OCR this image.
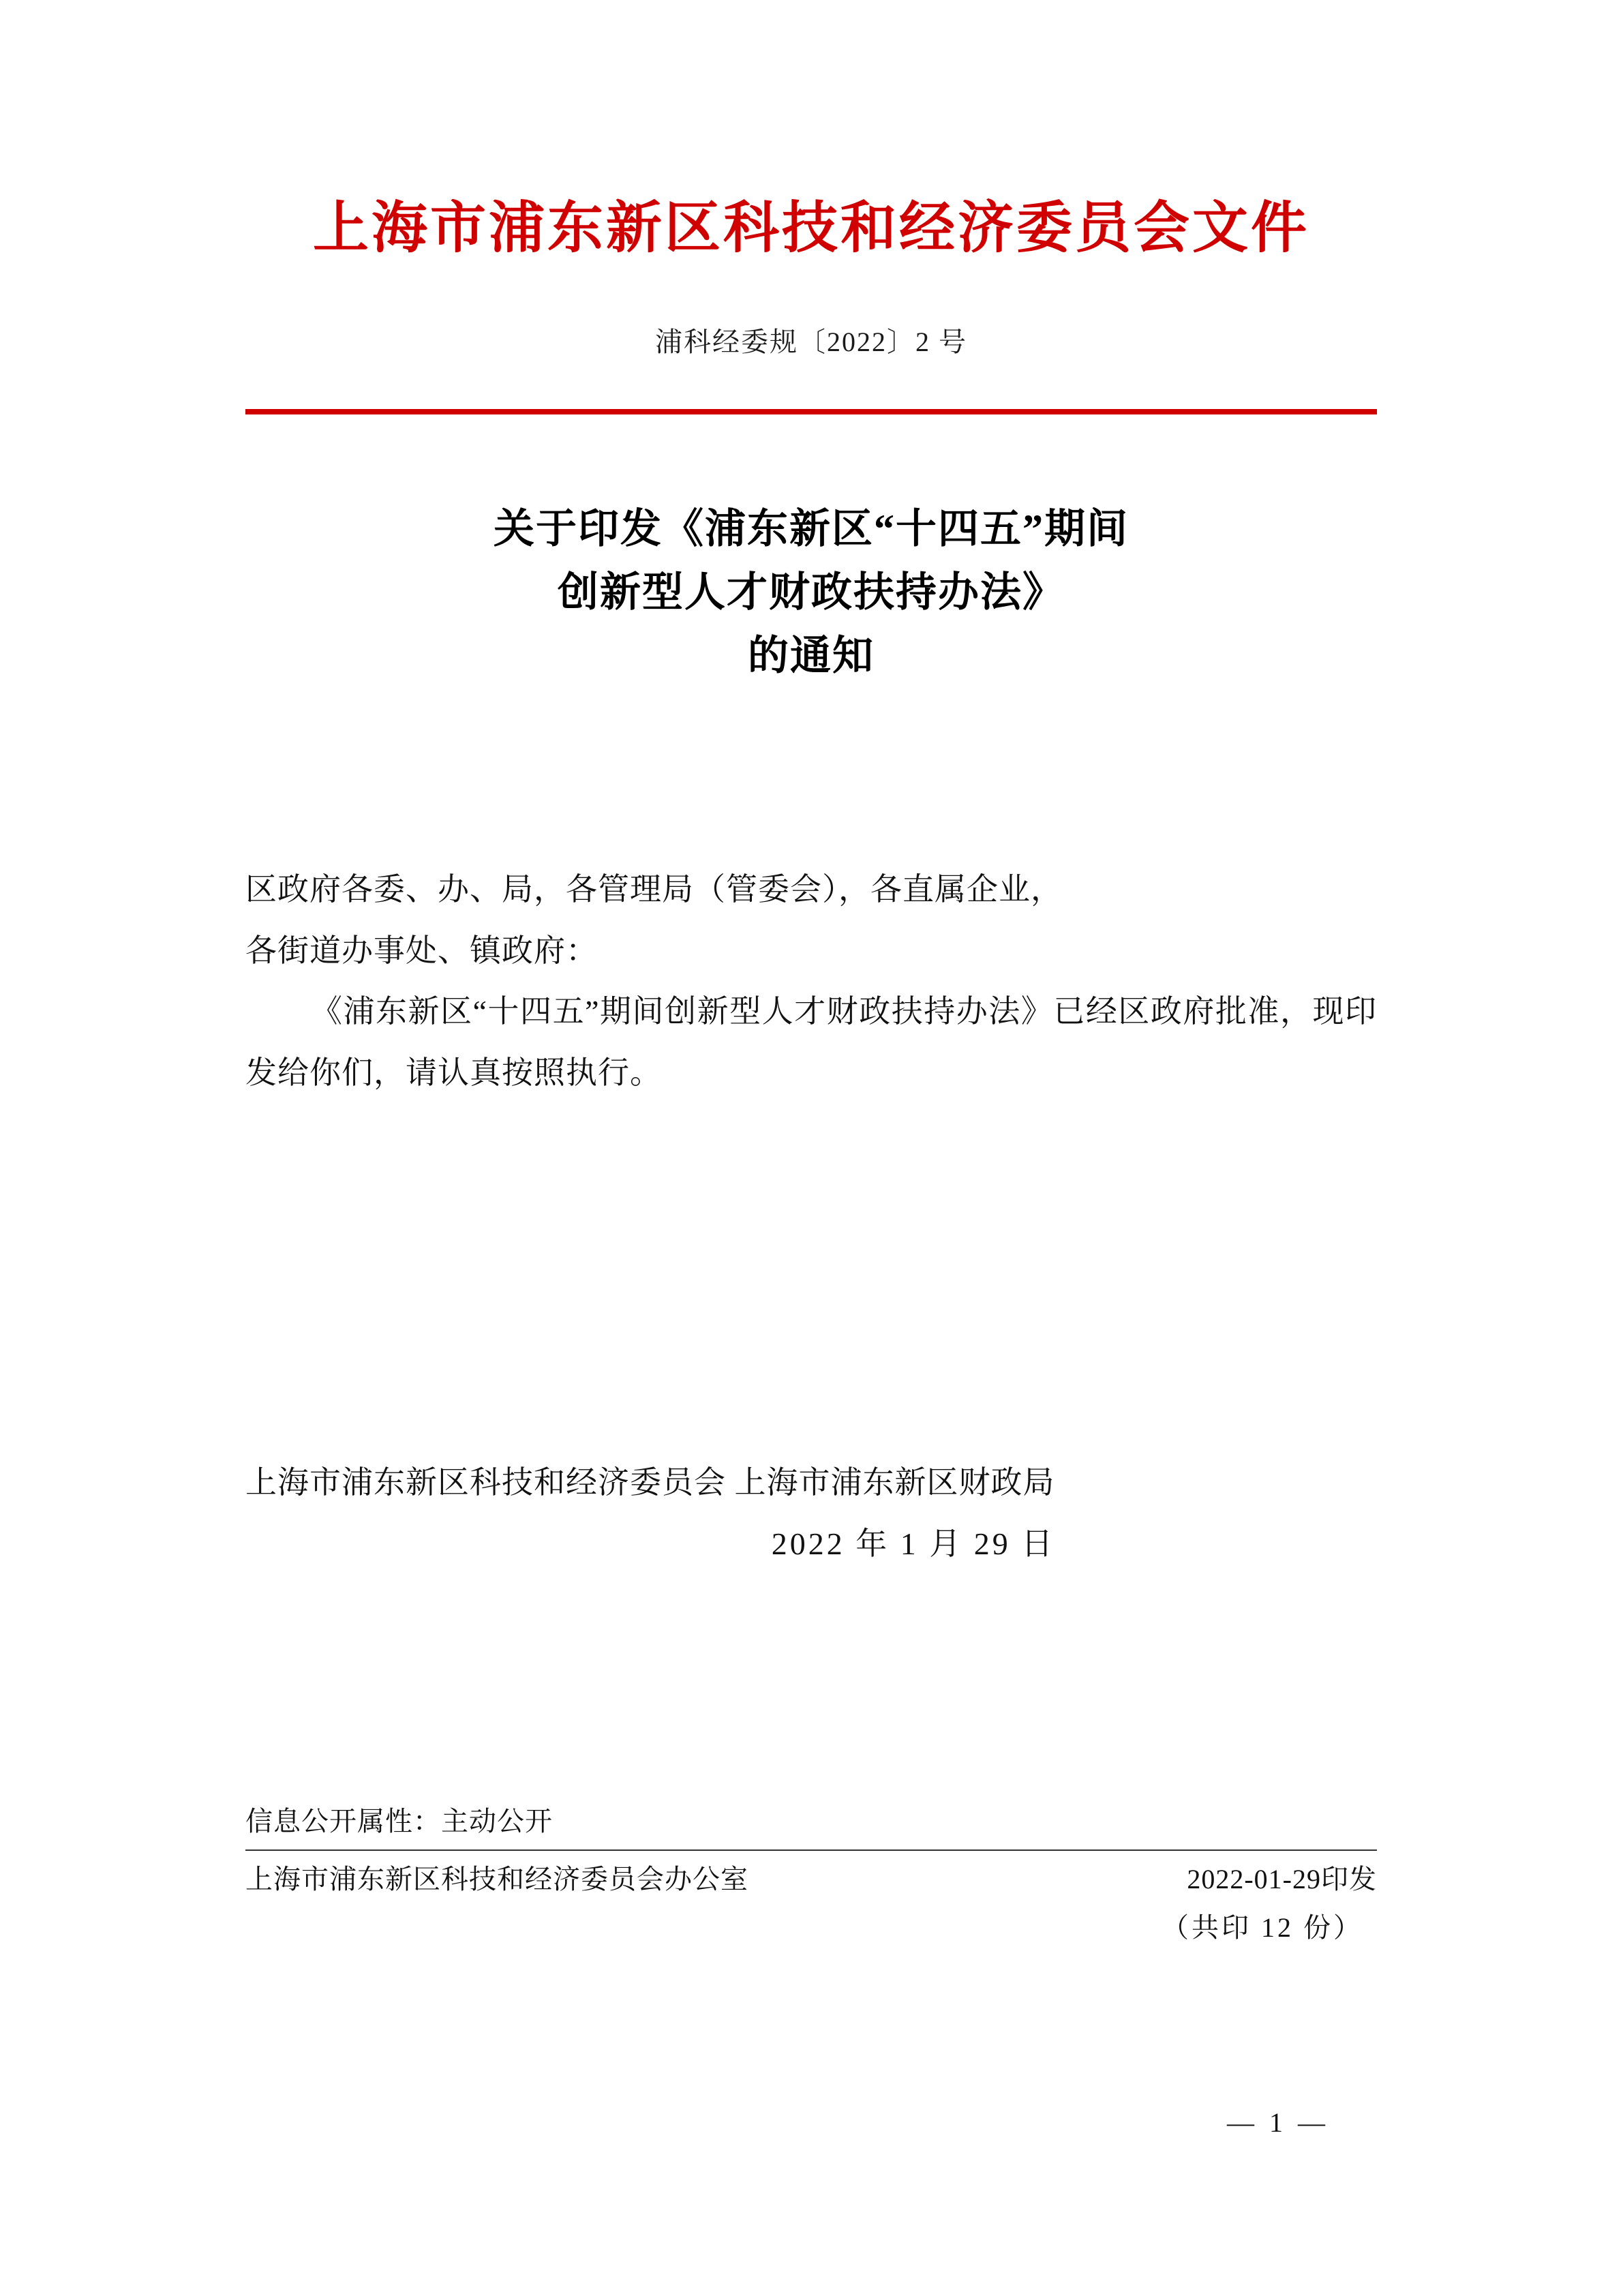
上海市浦东新区科技和经济委员会文件
浦科经委规〔2022〕2 号
关于印发《浦东新区“十四五”期间
创新型人才财政扶持办法》
的通知

区政府各委、办、局，各管理局（管委会），各直属企业，

各街道办事处、镇政府：

《浦东新区“十四五”期间创新型人才财政扶持办法》已经区政府批准，现印发给你们，请认真按照执行。

上海市浦东新区科技和经济委员会 上海市浦东新区财政局
2022 年 1 月 29 日
信息公开属性：主动公开
上海市浦东新区科技和经济委员会办公室	2022-01-29印发
（共印 12 份）
— 1 —
